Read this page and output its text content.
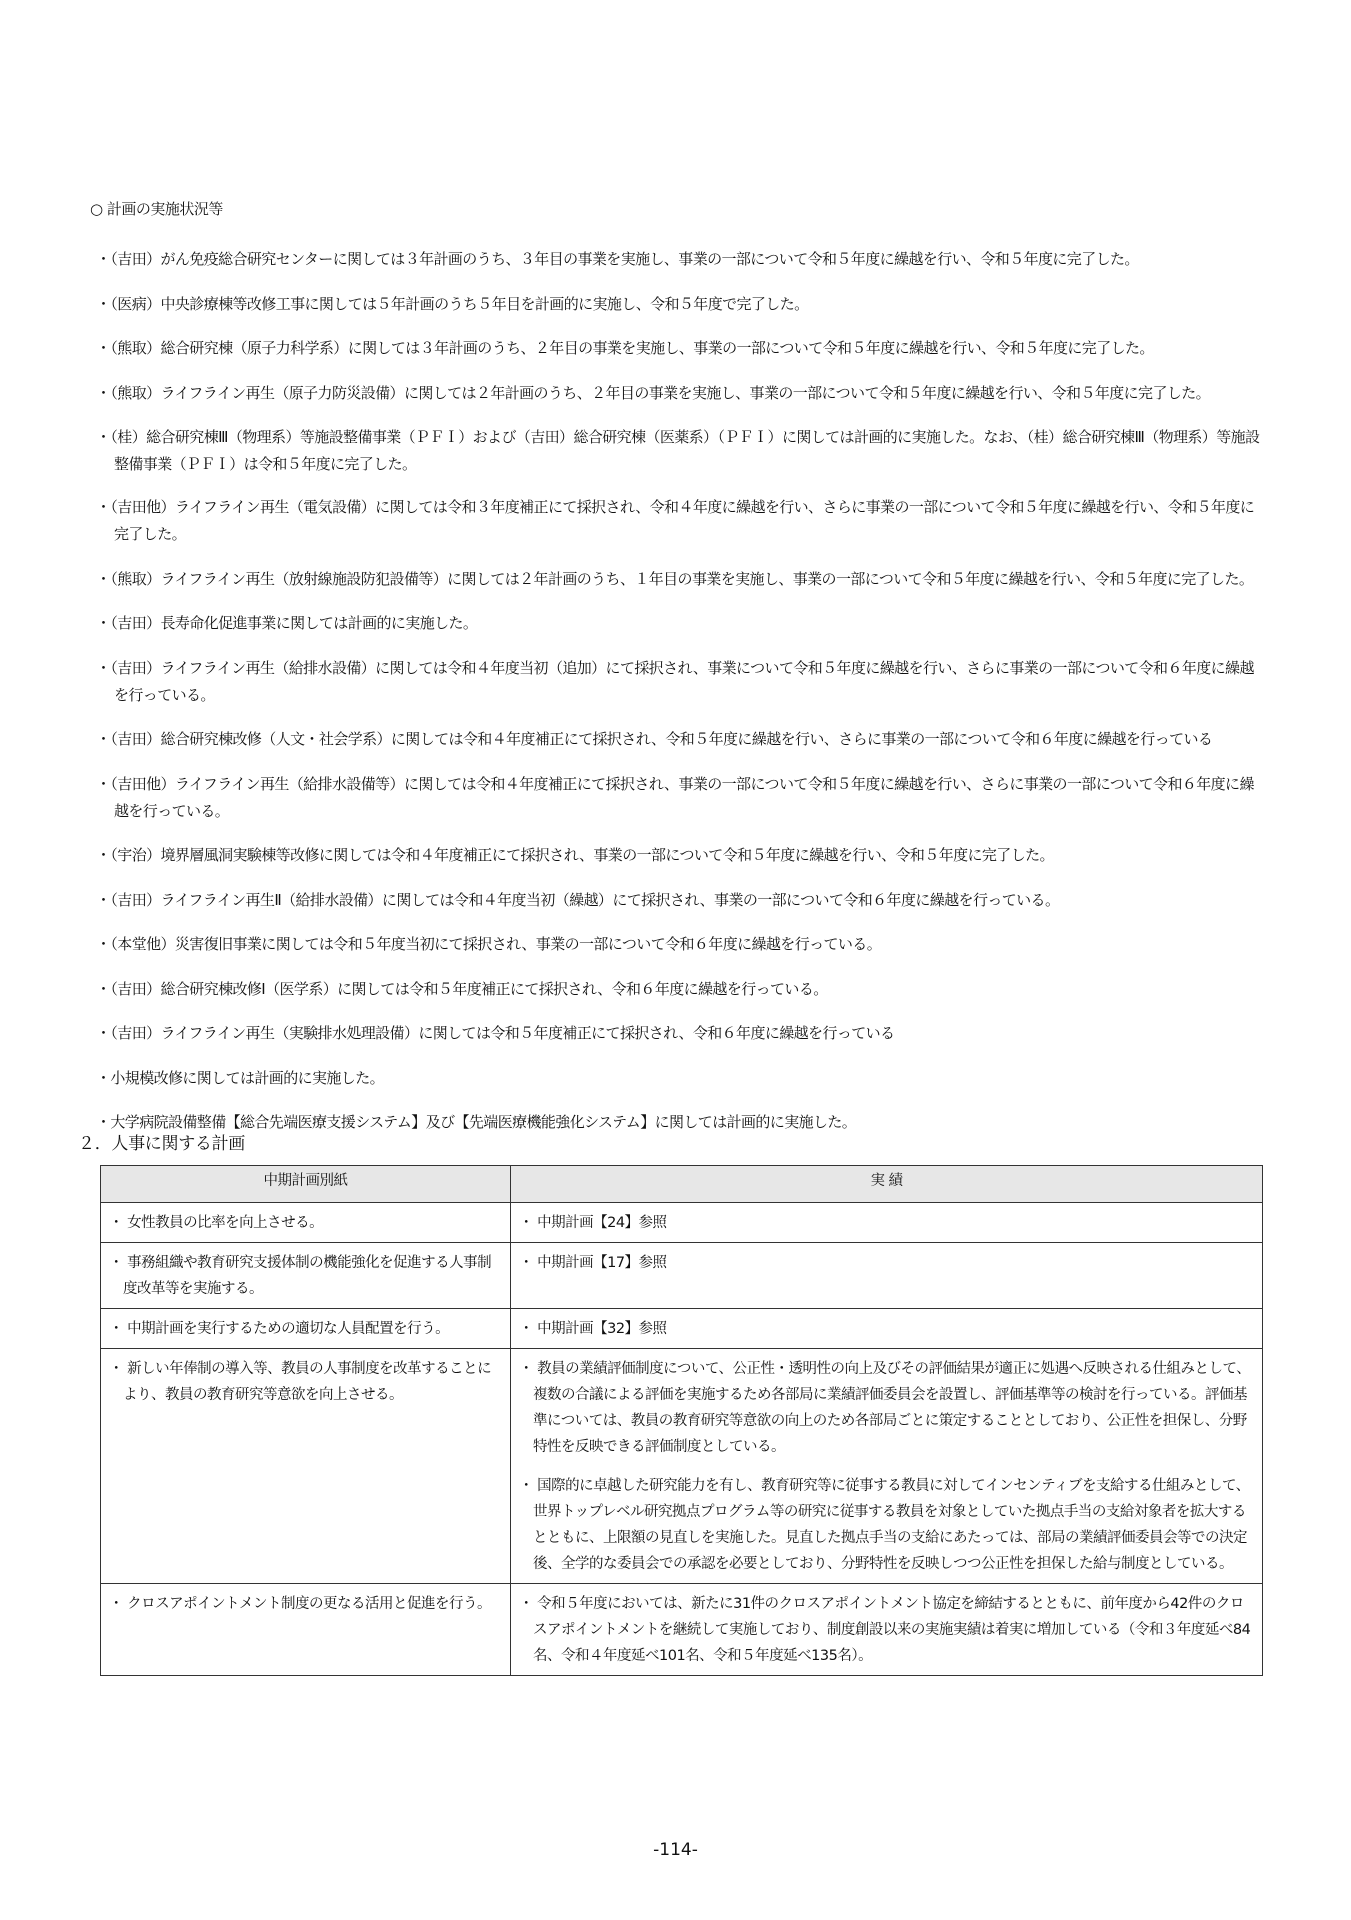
○ 計画の実施状況等
・（吉田）がん免疫総合研究センターに関しては３年計画のうち、３年目の事業を実施し、事業の一部について令和５年度に繰越を行い、令和５年度に完了した。
・（医病）中央診療棟等改修工事に関しては５年計画のうち５年目を計画的に実施し、令和５年度で完了した。
・（熊取）総合研究棟（原子力科学系）に関しては３年計画のうち、２年目の事業を実施し、事業の一部について令和５年度に繰越を行い、令和５年度に完了した。
・（熊取）ライフライン再生（原子力防災設備）に関しては２年計画のうち、２年目の事業を実施し、事業の一部について令和５年度に繰越を行い、令和５年度に完了した。
・（桂）総合研究棟Ⅲ（物理系）等施設整備事業（ＰＦＩ）および（吉田）総合研究棟（医薬系）（ＰＦＩ）に関しては計画的に実施した。なお、（桂）総合研究棟Ⅲ（物理系）等施設整備事業（ＰＦＩ）は令和５年度に完了した。
・（吉田他）ライフライン再生（電気設備）に関しては令和３年度補正にて採択され、令和４年度に繰越を行い、さらに事業の一部について令和５年度に繰越を行い、令和５年度に完了した。
・（熊取）ライフライン再生（放射線施設防犯設備等）に関しては２年計画のうち、１年目の事業を実施し、事業の一部について令和５年度に繰越を行い、令和５年度に完了した。
・（吉田）長寿命化促進事業に関しては計画的に実施した。
・（吉田）ライフライン再生（給排水設備）に関しては令和４年度当初（追加）にて採択され、事業について令和５年度に繰越を行い、さらに事業の一部について令和６年度に繰越を行っている。
・（吉田）総合研究棟改修（人文・社会学系）に関しては令和４年度補正にて採択され、令和５年度に繰越を行い、さらに事業の一部について令和６年度に繰越を行っている
・（吉田他）ライフライン再生（給排水設備等）に関しては令和４年度補正にて採択され、事業の一部について令和５年度に繰越を行い、さらに事業の一部について令和６年度に繰越を行っている。
・（宇治）境界層風洞実験棟等改修に関しては令和４年度補正にて採択され、事業の一部について令和５年度に繰越を行い、令和５年度に完了した。
・（吉田）ライフライン再生Ⅱ（給排水設備）に関しては令和４年度当初（繰越）にて採択され、事業の一部について令和６年度に繰越を行っている。
・（本堂他）災害復旧事業に関しては令和５年度当初にて採択され、事業の一部について令和６年度に繰越を行っている。
・（吉田）総合研究棟改修Ⅰ（医学系）に関しては令和５年度補正にて採択され、令和６年度に繰越を行っている。
・（吉田）ライフライン再生（実験排水処理設備）に関しては令和５年度補正にて採択され、令和６年度に繰越を行っている
・小規模改修に関しては計画的に実施した。
・大学病院設備整備【総合先端医療支援システム】及び【先端医療機能強化システム】に関しては計画的に実施した。
２．人事に関する計画
中期計画別紙	実 績

・ 女性教員の比率を向上させる。	・ 中期計画【24】参照

・ 事務組織や教育研究支援体制の機能強化を促進する人事制度改革等を実施する。	・ 中期計画【17】参照

・ 中期計画を実行するための適切な人員配置を行う。	・ 中期計画【32】参照

・ 新しい年俸制の導入等、教員の人事制度を改革することにより、教員の教育研究等意欲を向上させる。	・ 教員の業績評価制度について、公正性・透明性の向上及びその評価結果が適正に処遇へ反映される仕組みとして、複数の合議による評価を実施するため各部局に業績評価委員会を設置し、評価基準等の検討を行っている。評価基準については、教員の教育研究等意欲の向上のため各部局ごとに策定することとしており、公正性を担保し、分野特性を反映できる評価制度としている。
・ 国際的に卓越した研究能力を有し、教育研究等に従事する教員に対してインセンティブを支給する仕組みとして、世界トップレベル研究拠点プログラム等の研究に従事する教員を対象としていた拠点手当の支給対象者を拡大するとともに、上限額の見直しを実施した。見直した拠点手当の支給にあたっては、部局の業績評価委員会等での決定後、全学的な委員会での承認を必要としており、分野特性を反映しつつ公正性を担保した給与制度としている。

・ クロスアポイントメント制度の更なる活用と促進を行う。	・ 令和５年度においては、新たに31件のクロスアポイントメント協定を締結するとともに、前年度から42件のクロスアポイントメントを継続して実施しており、制度創設以来の実施実績は着実に増加している（令和３年度延べ84名、令和４年度延べ101名、令和５年度延べ135名）。
-114-
